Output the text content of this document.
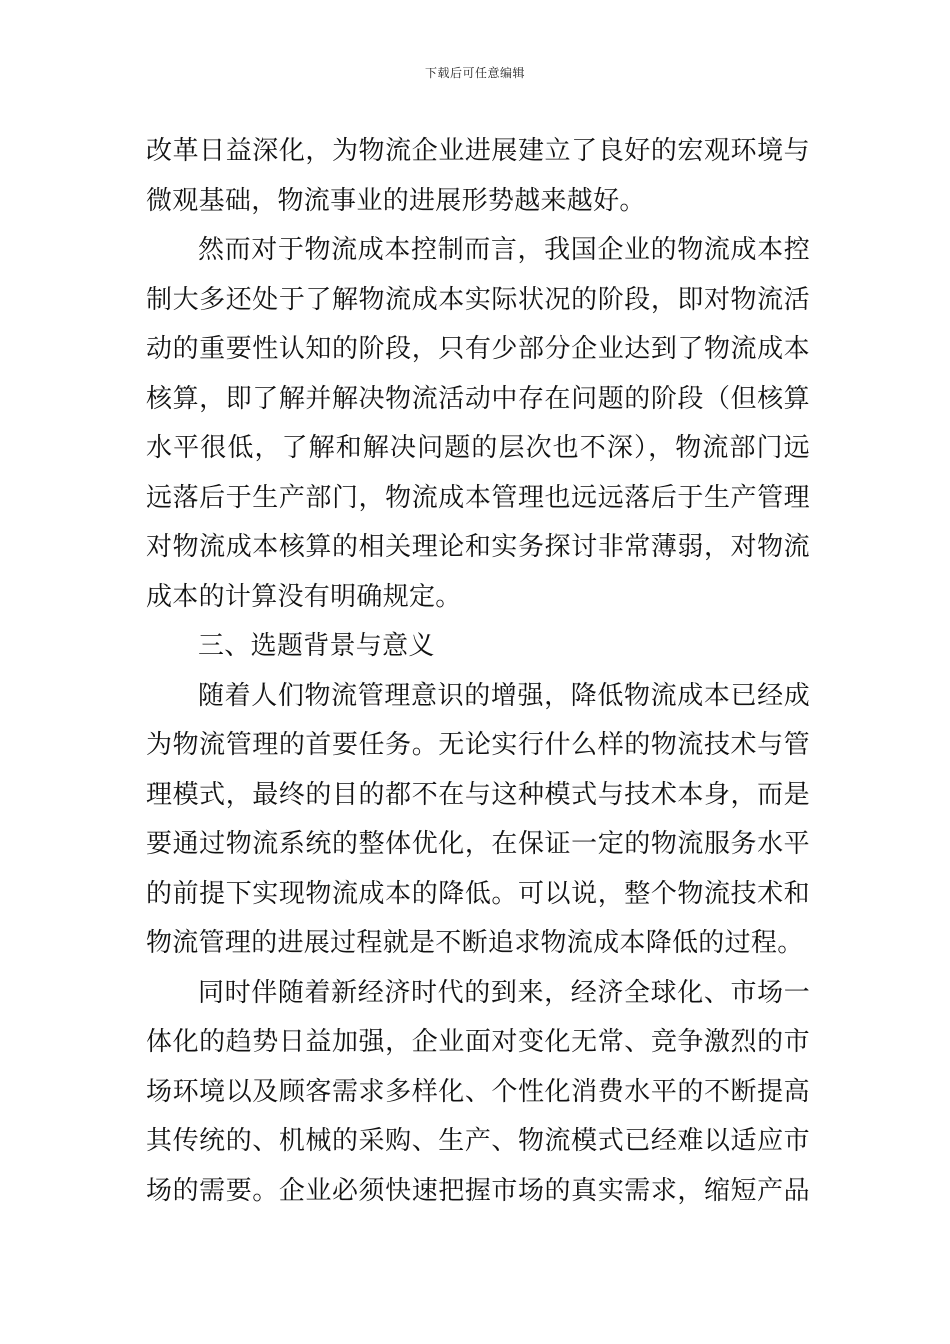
下载后可任意编辑
改革日益深化，为物流企业进展建立了良好的宏观环境与
微观基础，物流事业的进展形势越来越好。
然而对于物流成本控制而言，我国企业的物流成本控
制大多还处于了解物流成本实际状况的阶段，即对物流活
动的重要性认知的阶段，只有少部分企业达到了物流成本
核算，即了解并解决物流活动中存在问题的阶段（但核算
水平很低，了解和解决问题的层次也不深），物流部门远
远落后于生产部门，物流成本管理也远远落后于生产管理
对物流成本核算的相关理论和实务探讨非常薄弱，对物流
成本的计算没有明确规定。
三、选题背景与意义
随着人们物流管理意识的增强，降低物流成本已经成
为物流管理的首要任务。无论实行什么样的物流技术与管
理模式，最终的目的都不在与这种模式与技术本身，而是
要通过物流系统的整体优化，在保证一定的物流服务水平
的前提下实现物流成本的降低。可以说，整个物流技术和
物流管理的进展过程就是不断追求物流成本降低的过程。
同时伴随着新经济时代的到来，经济全球化、市场一
体化的趋势日益加强，企业面对变化无常、竞争激烈的市
场环境以及顾客需求多样化、个性化消费水平的不断提高
其传统的、机械的采购、生产、物流模式已经难以适应市
场的需要。企业必须快速把握市场的真实需求，缩短产品
